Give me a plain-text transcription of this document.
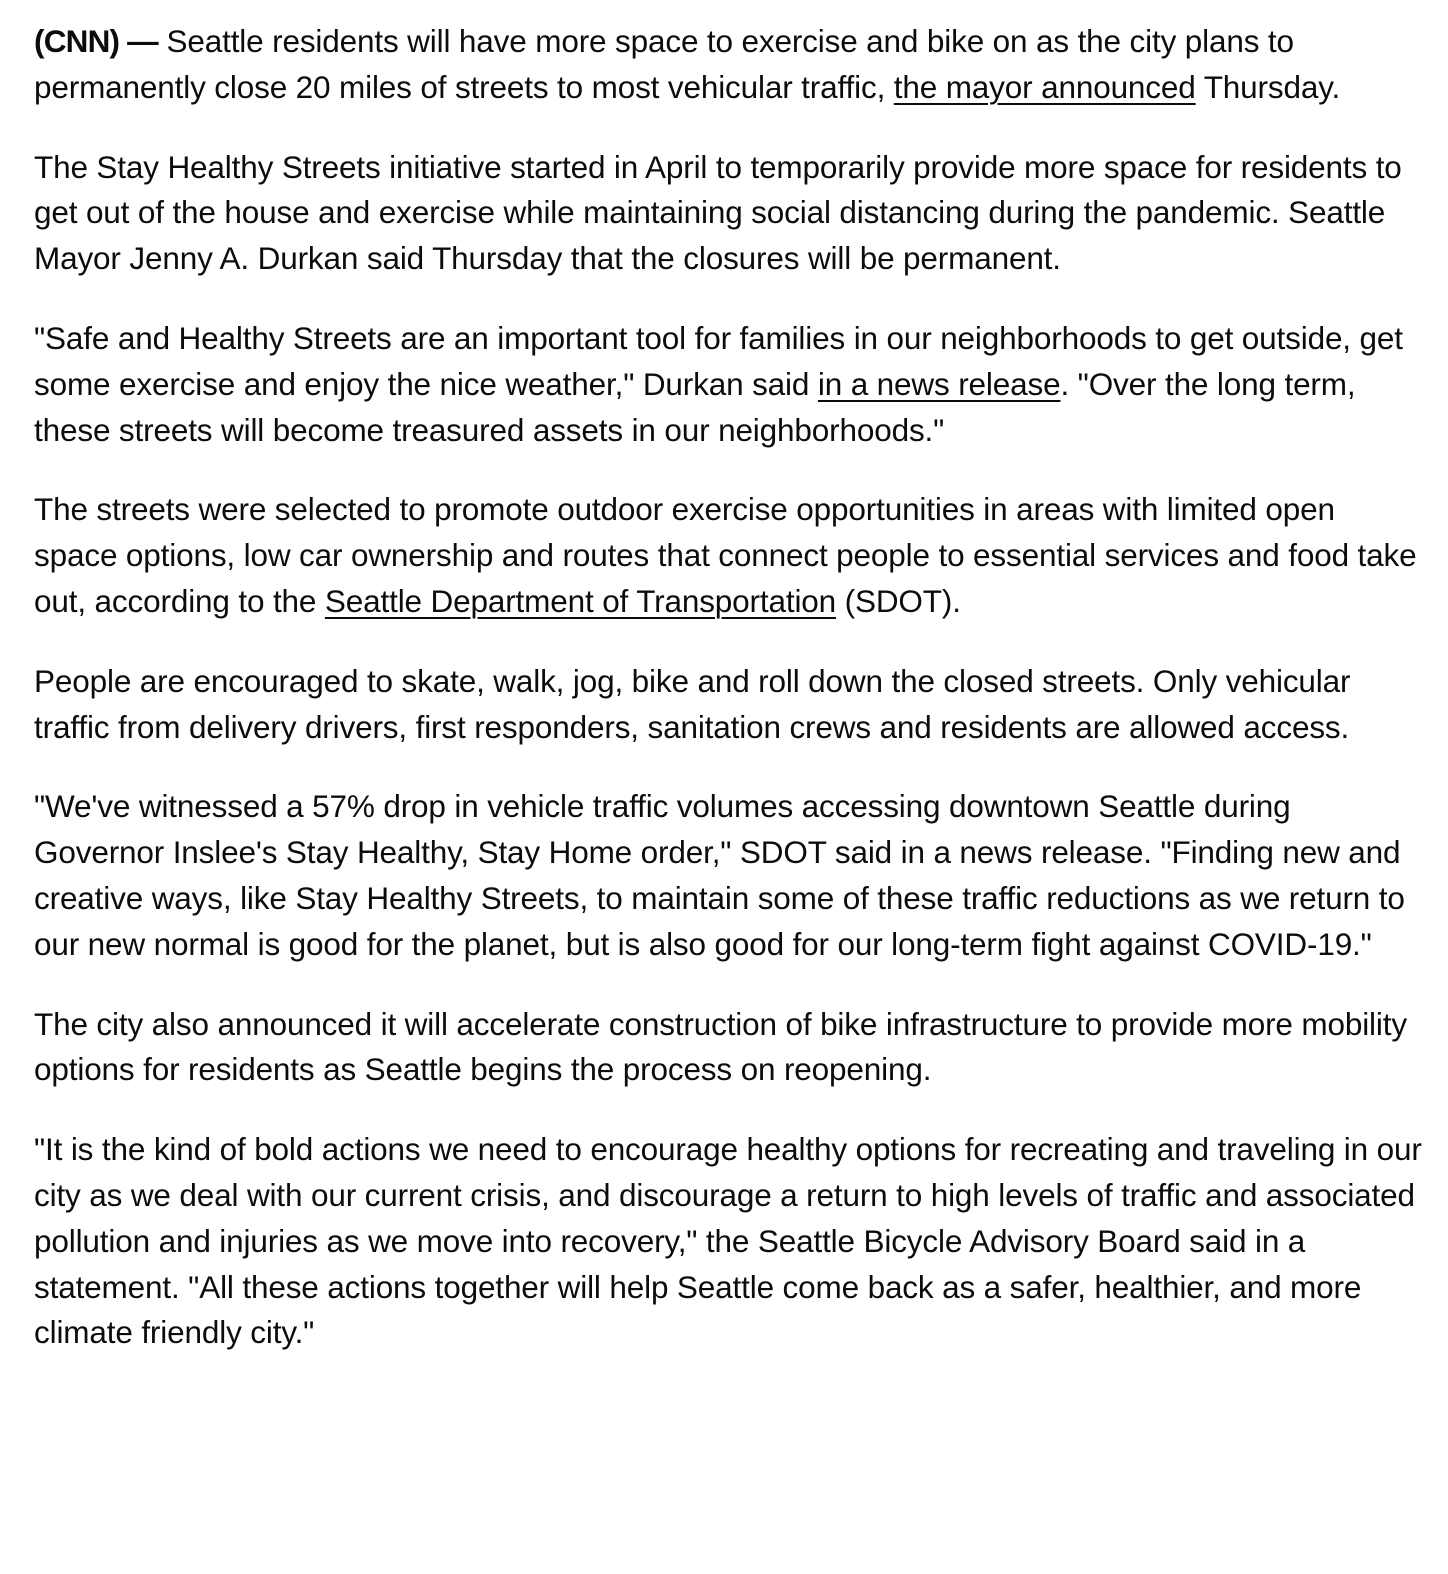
(CNN) — Seattle residents will have more space to exercise and bike on as the city plans to permanently close 20 miles of streets to most vehicular traffic, the mayor announced Thursday.

The Stay Healthy Streets initiative started in April to temporarily provide more space for residents to get out of the house and exercise while maintaining social distancing during the pandemic. Seattle Mayor Jenny A. Durkan said Thursday that the closures will be permanent.

"Safe and Healthy Streets are an important tool for families in our neighborhoods to get outside, get some exercise and enjoy the nice weather," Durkan said in a news release. "Over the long term, these streets will become treasured assets in our neighborhoods."

The streets were selected to promote outdoor exercise opportunities in areas with limited open space options, low car ownership and routes that connect people to essential services and food take out, according to the Seattle Department of Transportation (SDOT).

People are encouraged to skate, walk, jog, bike and roll down the closed streets. Only vehicular traffic from delivery drivers, first responders, sanitation crews and residents are allowed access.

"We've witnessed a 57% drop in vehicle traffic volumes accessing downtown Seattle during Governor Inslee's Stay Healthy, Stay Home order," SDOT said in a news release. "Finding new and creative ways, like Stay Healthy Streets, to maintain some of these traffic reductions as we return to our new normal is good for the planet, but is also good for our long-term fight against COVID-19."

The city also announced it will accelerate construction of bike infrastructure to provide more mobility options for residents as Seattle begins the process on reopening.

"It is the kind of bold actions we need to encourage healthy options for recreating and traveling in our city as we deal with our current crisis, and discourage a return to high levels of traffic and associated pollution and injuries as we move into recovery," the Seattle Bicycle Advisory Board said in a statement. "All these actions together will help Seattle come back as a safer, healthier, and more climate friendly city."
